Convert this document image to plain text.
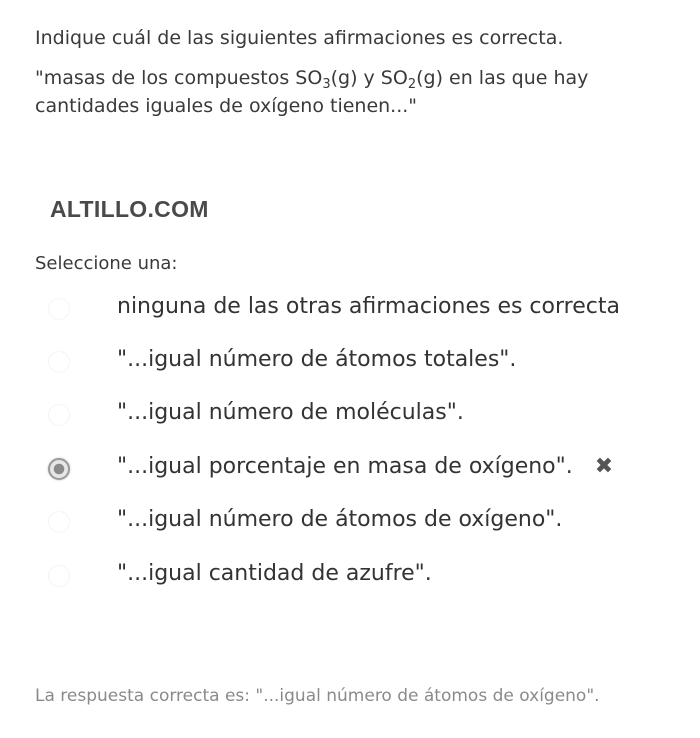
Indique cuál de las siguientes afirmaciones es correcta.

"masas de los compuestos $SO_3(g)$ y $SO_2(g)$ en las que hay cantidades iguales de oxígeno tienen..."

ALTILLO.COM
Seleccione una:
ninguna de las otras afirmaciones es correcta
"...igual número de átomos totales".
"...igual número de moléculas".
"...igual porcentaje en masa de oxígeno". ✖
"...igual número de átomos de oxígeno".
"...igual cantidad de azufre".
La respuesta correcta es: "...igual número de átomos de oxígeno".
